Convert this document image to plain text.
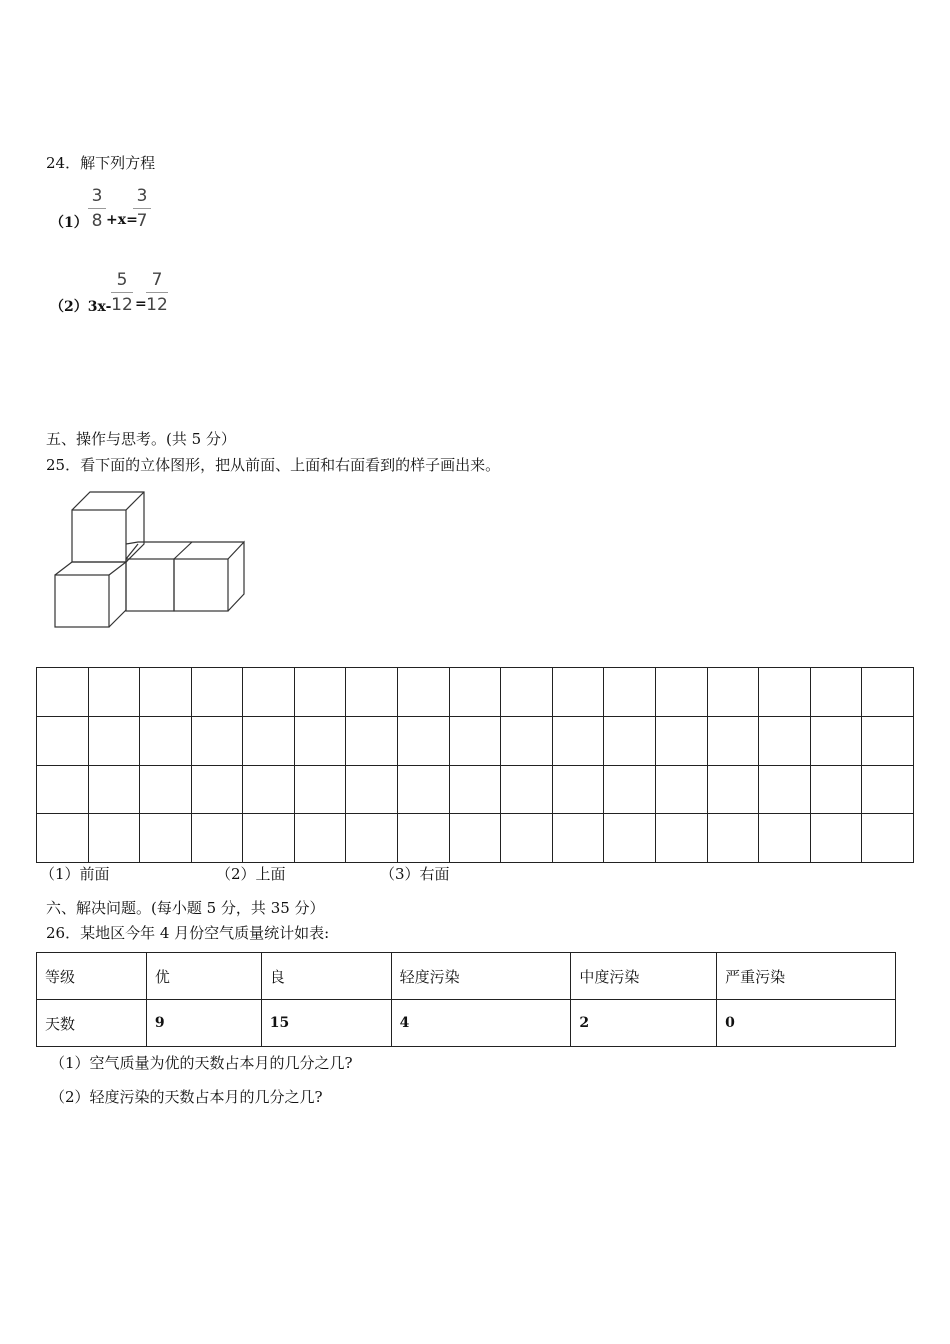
24．解下列方程
（1）
3
8 +x=
3
7
（2）3x-
5
12 =
7
12
五、操作与思考。(共 5 分）
25．看下面的立体图形，把从前面、上面和右面看到的样子画出来。

（1）前面	（2）上面	（3）右面
六、解决问题。(每小题 5 分，共 35 分）
26．某地区今年 4 月份空气质量统计如表:
等级	优	良	轻度污染	中度污染	严重污染
天数	9	15	4	2	0
（1）空气质量为优的天数占本月的几分之几?
（2）轻度污染的天数占本月的几分之几?
